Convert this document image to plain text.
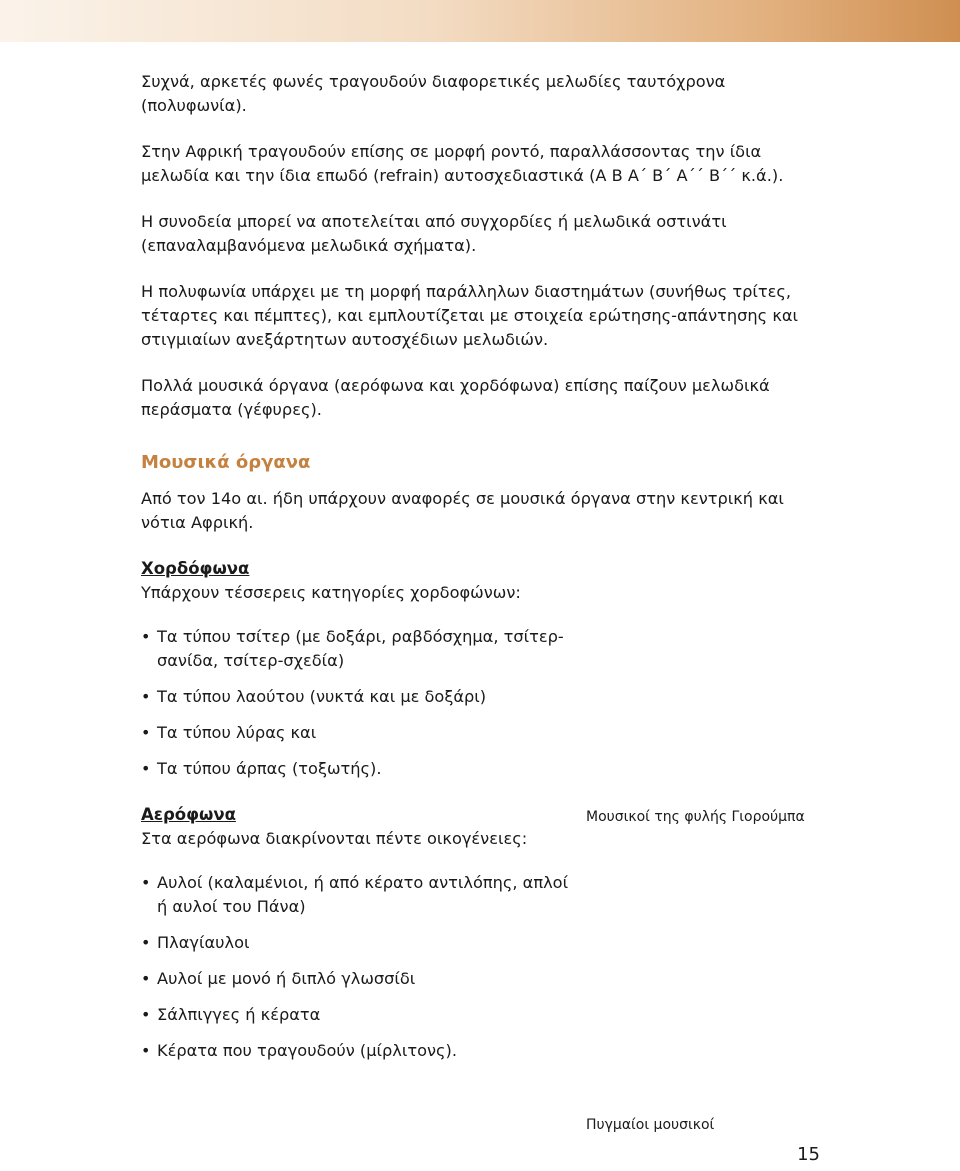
Συχνά, αρκετές φωνές τραγουδούν διαφορετικές μελωδίες ταυτόχρονα (πολυφωνία).

Στην Αφρική τραγουδούν επίσης σε μορφή ροντό, παραλλάσσοντας την ίδια μελωδία και την ίδια επωδό (refrain) αυτοσχεδιαστικά (Α Β Α΄ Β΄ Α΄΄ Β΄΄ κ.ά.).

Η συνοδεία μπορεί να αποτελείται από συγχορδίες ή μελωδικά οστινάτι (επαναλαμβανόμενα μελωδικά σχήματα).

Η πολυφωνία υπάρχει με τη μορφή παράλληλων διαστημάτων (συνήθως τρίτες, τέταρτες και πέμπτες), και εμπλουτίζεται με στοιχεία ερώτησης-απάντησης και στιγμιαίων ανεξάρτητων αυτοσχέδιων μελωδιών.

Πολλά μουσικά όργανα (αερόφωνα και χορδόφωνα) επίσης παίζουν μελωδικά περάσματα (γέφυρες).

Μουσικά όργανα

Από τον 14ο αι. ήδη υπάρχουν αναφορές σε μουσικά όργανα στην κεντρική και νότια Αφρική.

Χορδόφωνα

Υπάρχουν τέσσερεις κατηγορίες χορδοφώνων:

• Τα τύπου τσίτερ (με δοξάρι, ραβδόσχημα, τσίτερ- σανίδα, τσίτερ-σχεδία)
• Τα τύπου λαούτου (νυκτά και με δοξάρι)
• Τα τύπου λύρας και
• Τα τύπου άρπας (τοξωτής).
Αερόφωνα

Στα αερόφωνα διακρίνονται πέντε οικογένειες:

• Αυλοί (καλαμένιοι, ή από κέρατο αντιλόπης, απλοί ή αυλοί του Πάνα)
• Πλαγίαυλοι
• Αυλοί με μονό ή διπλό γλωσσίδι
• Σάλπιγγες ή κέρατα
• Κέρατα που τραγουδούν (μίρλιτονς).
Μουσικοί της φυλής Γιορούμπα
Πυγμαίοι μουσικοί
15
